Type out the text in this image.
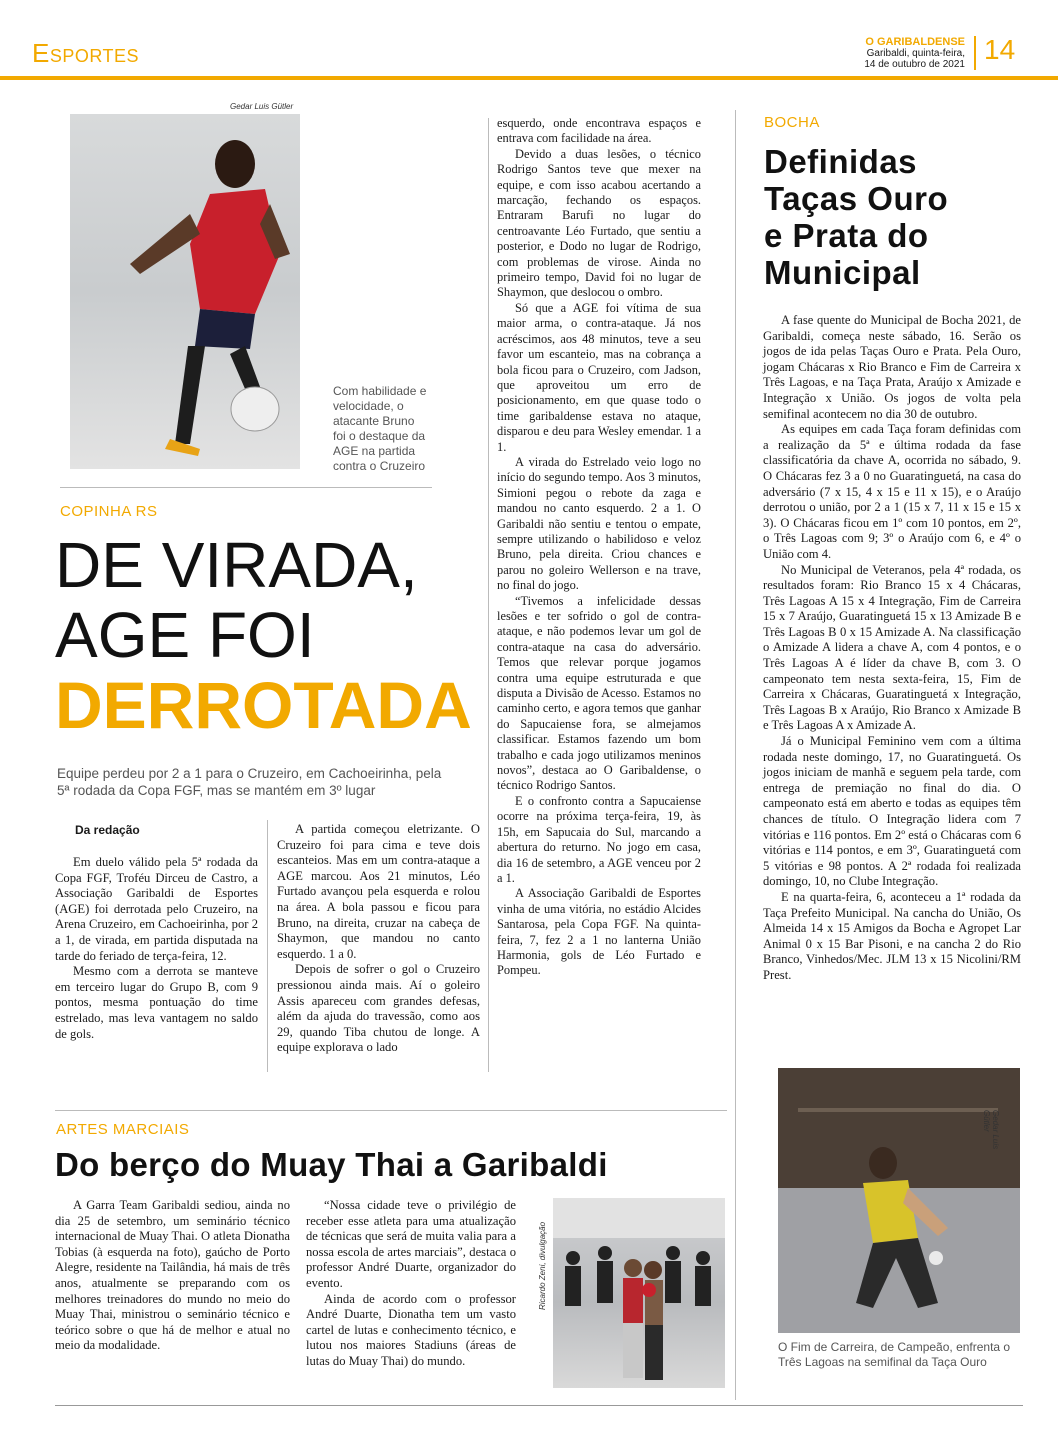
Esportes	O GARIBALDENSE
Garibaldi, quinta-feira,
14 de outubro de 2021 14
Gedar Luis Gütler
Com habilidade e velocidade, o atacante Bruno foi o destaque da AGE na partida contra o Cruzeiro
COPINHA RS
DE VIRADA,
AGE FOI
DERROTADA
Equipe perdeu por 2 a 1 para o Cruzeiro, em Cachoeirinha, pela 5ª rodada da Copa FGF, mas se mantém em 3º lugar
Da redação

Em duelo válido pela 5ª rodada da Copa FGF, Troféu Dirceu de Castro, a Associação Garibaldi de Esportes (AGE) foi derrotada pelo Cruzeiro, na Arena Cruzeiro, em Cachoeirinha, por 2 a 1, de virada, em partida disputada na tarde do feriado de terça-feira, 12.

Mesmo com a derrota se manteve em terceiro lugar do Grupo B, com 9 pontos, mesma pontuação do time estrelado, mas leva vantagem no saldo de gols.

A partida começou eletrizante. O Cruzeiro foi para cima e teve dois escanteios. Mas em um contra-ataque a AGE marcou. Aos 21 minutos, Léo Furtado avançou pela esquerda e rolou na área. A bola passou e ficou para Bruno, na direita, cruzar na cabeça de Shaymon, que mandou no canto esquerdo. 1 a 0.

Depois de sofrer o gol o Cruzeiro pressionou ainda mais. Aí o goleiro Assis apareceu com grandes defesas, além da ajuda do travessão, como aos 29, quando Tiba chutou de longe. A equipe explorava o lado

esquerdo, onde encontrava espaços e entrava com facilidade na área.

Devido a duas lesões, o técnico Rodrigo Santos teve que mexer na equipe, e com isso acabou acertando a marcação, fechando os espaços. Entraram Barufi no lugar do centroavante Léo Furtado, que sentiu a posterior, e Dodo no lugar de Rodrigo, com problemas de virose. Ainda no primeiro tempo, David foi no lugar de Shaymon, que deslocou o ombro.

Só que a AGE foi vítima de sua maior arma, o contra-ataque. Já nos acréscimos, aos 48 minutos, teve a seu favor um escanteio, mas na cobrança a bola ficou para o Cruzeiro, com Jadson, que aproveitou um erro de posicionamento, em que quase todo o time garibaldense estava no ataque, disparou e deu para Wesley emendar. 1 a 1.

A virada do Estrelado veio logo no início do segundo tempo. Aos 3 minutos, Simioni pegou o rebote da zaga e mandou no canto esquerdo. 2 a 1. O Garibaldi não sentiu e tentou o empate, sempre utilizando o habilidoso e veloz Bruno, pela direita. Criou chances e parou no goleiro Wellerson e na trave, no final do jogo.

“Tivemos a infelicidade dessas lesões e ter sofrido o gol de contra-ataque, e não podemos levar um gol de contra-ataque na casa do adversário. Temos que relevar porque jogamos contra uma equipe estruturada e que disputa a Divisão de Acesso. Estamos no caminho certo, e agora temos que ganhar do Sapucaiense fora, se almejamos classificar. Estamos fazendo um bom trabalho e cada jogo utilizamos meninos novos”, destaca ao O Garibaldense, o técnico Rodrigo Santos.

E o confronto contra a Sapucaiense ocorre na próxima terça-feira, 19, às 15h, em Sapucaia do Sul, marcando a abertura do returno. No jogo em casa, dia 16 de setembro, a AGE venceu por 2 a 1.

A Associação Garibaldi de Esportes vinha de uma vitória, no estádio Alcides Santarosa, pela Copa FGF. Na quinta-feira, 7, fez 2 a 1 no lanterna União Harmonia, gols de Léo Furtado e Pompeu.

BOCHA
Definidas
Taças Ouro
e Prata do
Municipal

A fase quente do Municipal de Bocha 2021, de Garibaldi, começa neste sábado, 16. Serão os jogos de ida pelas Taças Ouro e Prata. Pela Ouro, jogam Chácaras x Rio Branco e Fim de Carreira x Três Lagoas, e na Taça Prata, Araújo x Amizade e Integração x União. Os jogos de volta pela semifinal acontecem no dia 30 de outubro.

As equipes em cada Taça foram definidas com a realização da 5ª e última rodada da fase classificatória da chave A, ocorrida no sábado, 9. O Chácaras fez 3 a 0 no Guaratinguetá, na casa do adversário (7 x 15, 4 x 15 e 11 x 15), e o Araújo derrotou o união, por 2 a 1 (15 x 7, 11 x 15 e 15 x 3). O Chácaras ficou em 1º com 10 pontos, em 2º, o Três Lagoas com 9; 3º o Araújo com 6, e 4º o União com 4.

No Municipal de Veteranos, pela 4ª rodada, os resultados foram: Rio Branco 15 x 4 Chácaras, Três Lagoas A 15 x 4 Integração, Fim de Carreira 15 x 7 Araújo, Guaratinguetá 15 x 13 Amizade B e Três Lagoas B 0 x 15 Amizade A. Na classificação o Amizade A lidera a chave A, com 4 pontos, e o Três Lagoas A é líder da chave B, com 3. O campeonato tem nesta sexta-feira, 15, Fim de Carreira x Chácaras, Guaratinguetá x Integração, Três Lagoas B x Araújo, Rio Branco x Amizade B e Três Lagoas A x Amizade A.

Já o Municipal Feminino vem com a última rodada neste domingo, 17, no Guaratinguetá. Os jogos iniciam de manhã e seguem pela tarde, com entrega de premiação no final do dia. O campeonato está em aberto e todas as equipes têm chances de título. O Integração lidera com 7 vitórias e 116 pontos. Em 2º está o Chácaras com 6 vitórias e 114 pontos, e em 3º, Guaratinguetá com 5 vitórias e 98 pontos. A 2ª rodada foi realizada domingo, 10, no Clube Integração.

E na quarta-feira, 6, aconteceu a 1ª rodada da Taça Prefeito Municipal. Na cancha do União, Os Almeida 14 x 15 Amigos da Bocha e Agropet Lar Animal 0 x 15 Bar Pisoni, e na cancha 2 do Rio Branco, Vinhedos/Mec. JLM 13 x 15 Nicolini/RM Prest.

Gedar Luis Gütler
O Fim de Carreira, de Campeão, enfrenta o Três Lagoas na semifinal da Taça Ouro
ARTES MARCIAIS
Do berço do Muay Thai a Garibaldi

A Garra Team Garibaldi sediou, ainda no dia 25 de setembro, um seminário técnico internacional de Muay Thai. O atleta Dionatha Tobias (à esquerda na foto), gaúcho de Porto Alegre, residente na Tailândia, há mais de três anos, atualmente se preparando com os melhores treinadores do mundo no meio do Muay Thai, ministrou o seminário técnico e teórico sobre o que há de melhor e atual no meio da modalidade.

“Nossa cidade teve o privilégio de receber esse atleta para uma atualização de técnicas que será de muita valia para a nossa escola de artes marciais”, destaca o professor André Duarte, organizador do evento.

Ainda de acordo com o professor André Duarte, Dionatha tem um vasto cartel de lutas e conhecimento técnico, e lutou nos maiores Stadiuns (áreas de lutas do Muay Thai) do mundo.

Ricardo Zeni, divulgação
